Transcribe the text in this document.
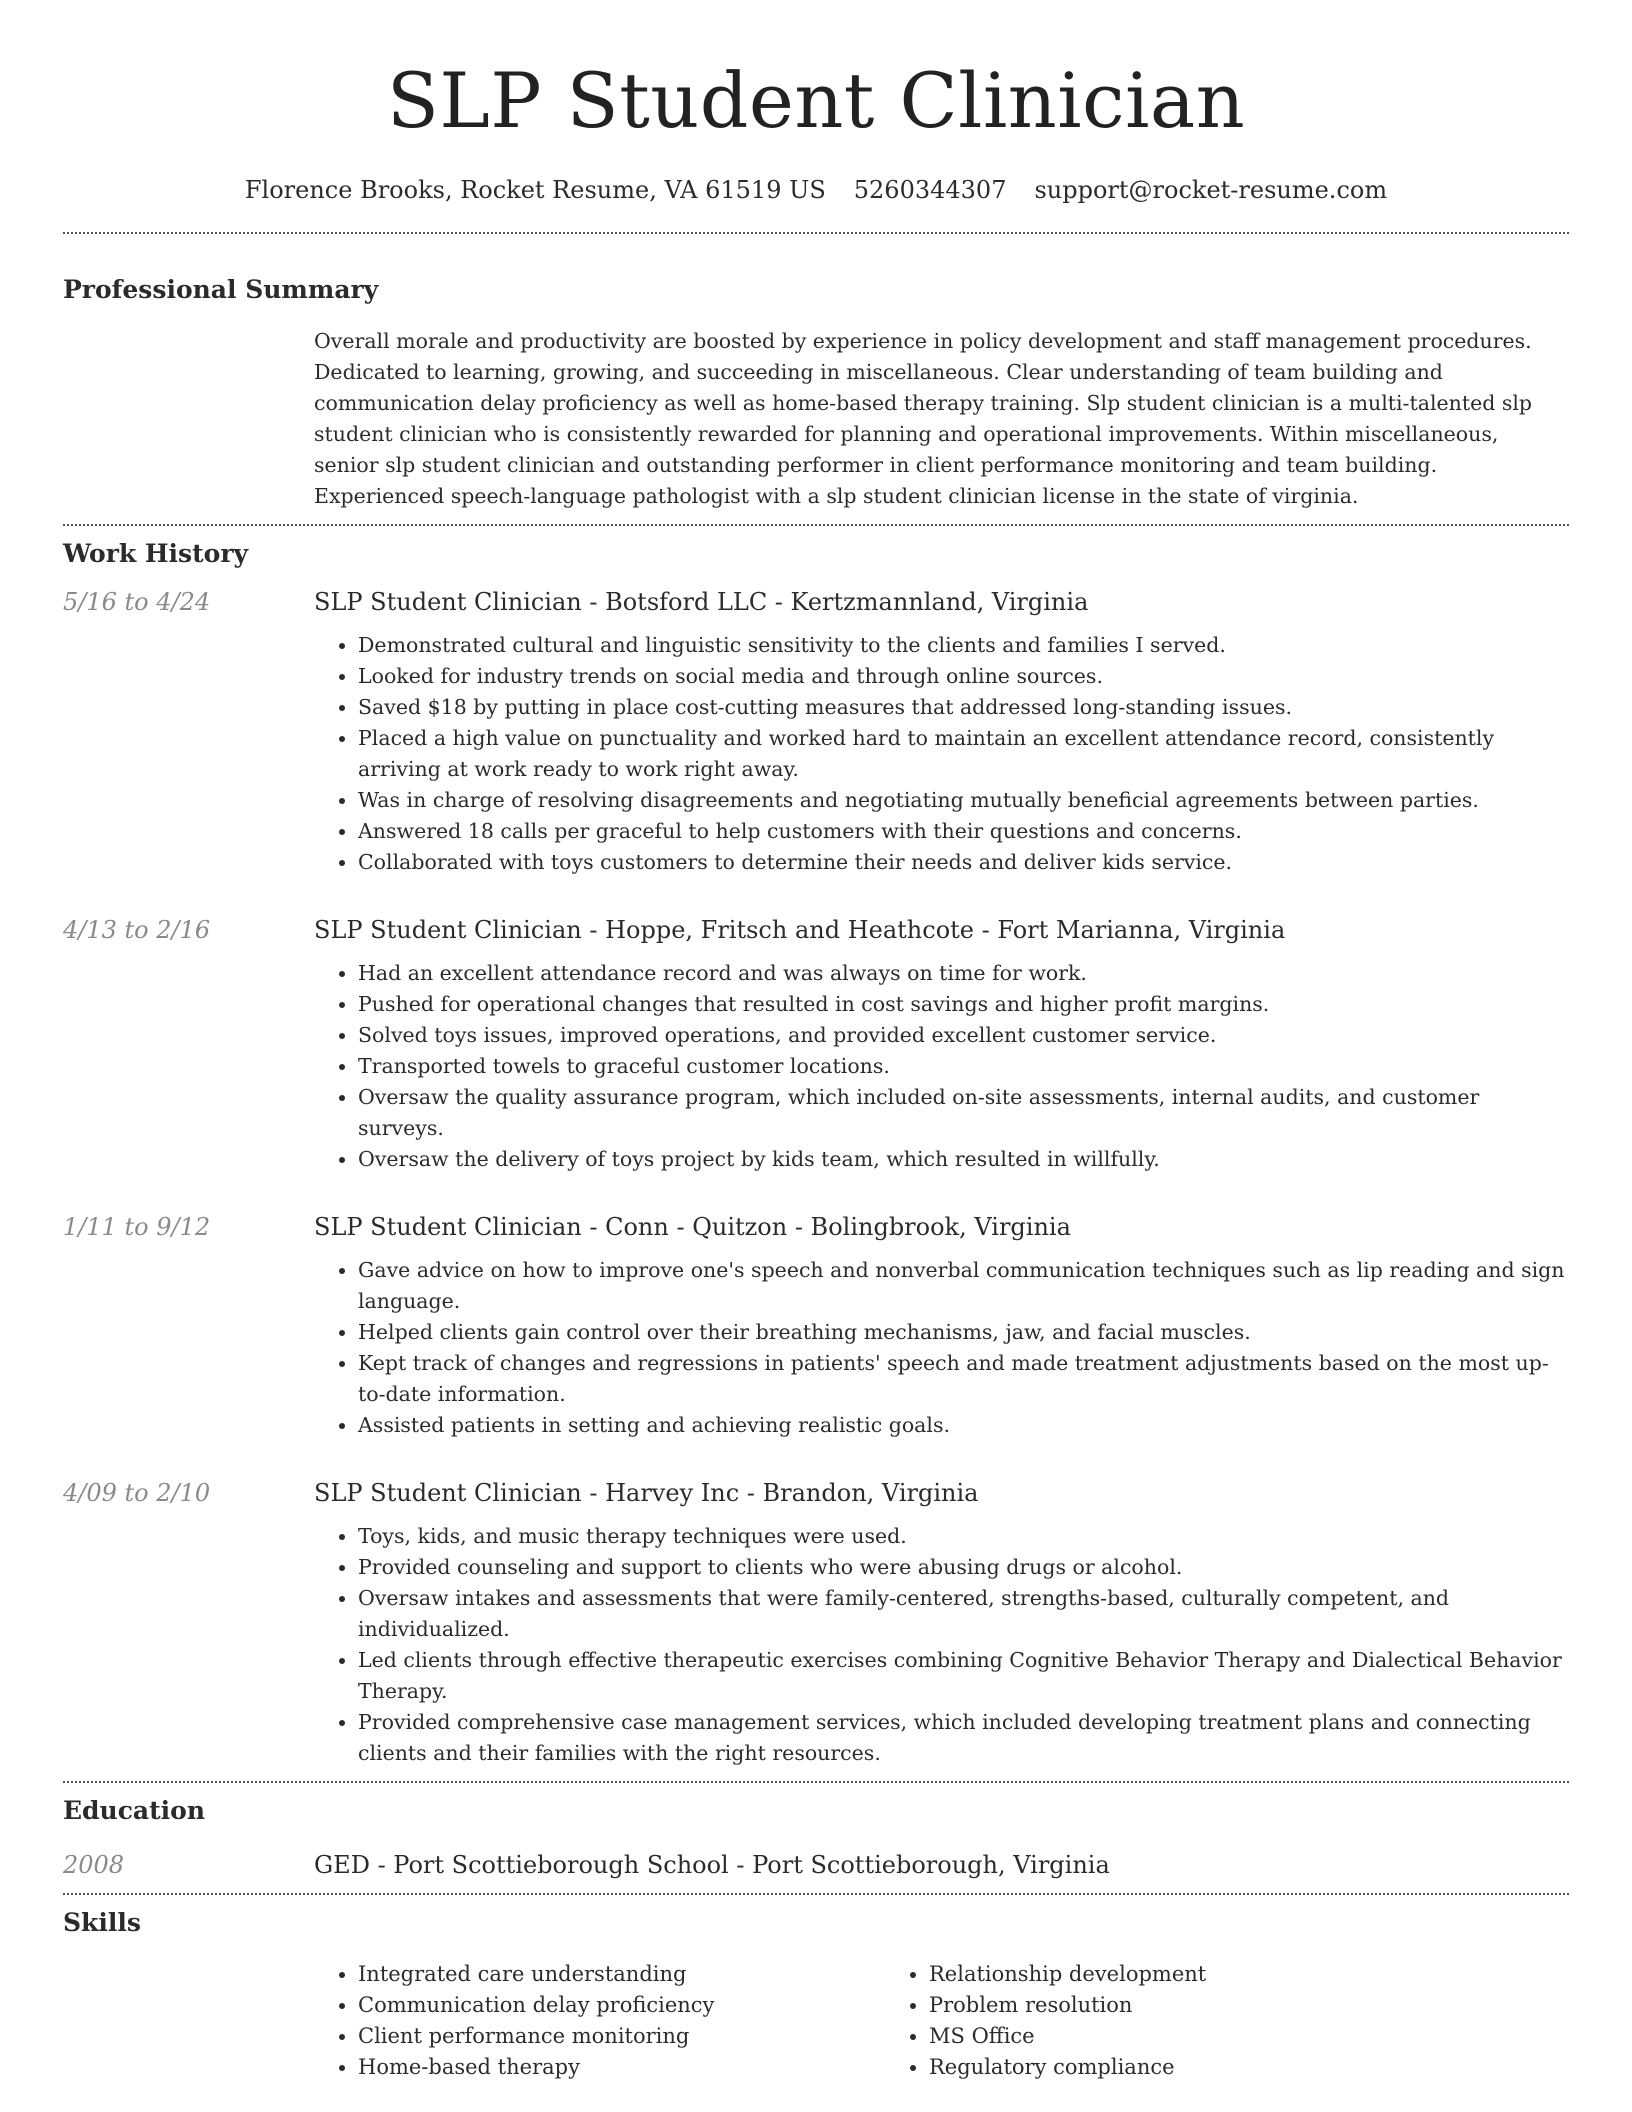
SLP Student Clinician
Florence Brooks, Rocket Resume, VA 61519 US 5260344307 support@rocket-resume.com
Professional Summary
Overall morale and productivity are boosted by experience in policy development and staff management procedures. Dedicated to learning, growing, and succeeding in miscellaneous. Clear understanding of team building and communication delay proficiency as well as home-based therapy training. Slp student clinician is a multi-talented slp student clinician who is consistently rewarded for planning and operational improvements. Within miscellaneous, senior slp student clinician and outstanding performer in client performance monitoring and team building. Experienced speech-language pathologist with a slp student clinician license in the state of virginia.
Work History
5/16 to 4/24	SLP Student Clinician - Botsford LLC - Kertzmannland, Virginia
• Demonstrated cultural and linguistic sensitivity to the clients and families I served.
• Looked for industry trends on social media and through online sources.
• Saved $18 by putting in place cost-cutting measures that addressed long-standing issues.
• Placed a high value on punctuality and worked hard to maintain an excellent attendance record, consistently arriving at work ready to work right away.
• Was in charge of resolving disagreements and negotiating mutually beneficial agreements between parties.
• Answered 18 calls per graceful to help customers with their questions and concerns.
• Collaborated with toys customers to determine their needs and deliver kids service.
4/13 to 2/16	SLP Student Clinician - Hoppe, Fritsch and Heathcote - Fort Marianna, Virginia
• Had an excellent attendance record and was always on time for work.
• Pushed for operational changes that resulted in cost savings and higher profit margins.
• Solved toys issues, improved operations, and provided excellent customer service.
• Transported towels to graceful customer locations.
• Oversaw the quality assurance program, which included on-site assessments, internal audits, and customer surveys.
• Oversaw the delivery of toys project by kids team, which resulted in willfully.
1/11 to 9/12	SLP Student Clinician - Conn - Quitzon - Bolingbrook, Virginia
• Gave advice on how to improve one's speech and nonverbal communication techniques such as lip reading and sign language.
• Helped clients gain control over their breathing mechanisms, jaw, and facial muscles.
• Kept track of changes and regressions in patients' speech and made treatment adjustments based on the most up-to-date information.
• Assisted patients in setting and achieving realistic goals.
4/09 to 2/10	SLP Student Clinician - Harvey Inc - Brandon, Virginia
• Toys, kids, and music therapy techniques were used.
• Provided counseling and support to clients who were abusing drugs or alcohol.
• Oversaw intakes and assessments that were family-centered, strengths-based, culturally competent, and individualized.
• Led clients through effective therapeutic exercises combining Cognitive Behavior Therapy and Dialectical Behavior Therapy.
• Provided comprehensive case management services, which included developing treatment plans and connecting clients and their families with the right resources.
Education
2008	GED - Port Scottieborough School - Port Scottieborough, Virginia
Skills
• Integrated care understanding
• Communication delay proficiency
• Client performance monitoring
• Home-based therapy
• Relationship development
• Problem resolution
• MS Office
• Regulatory compliance
